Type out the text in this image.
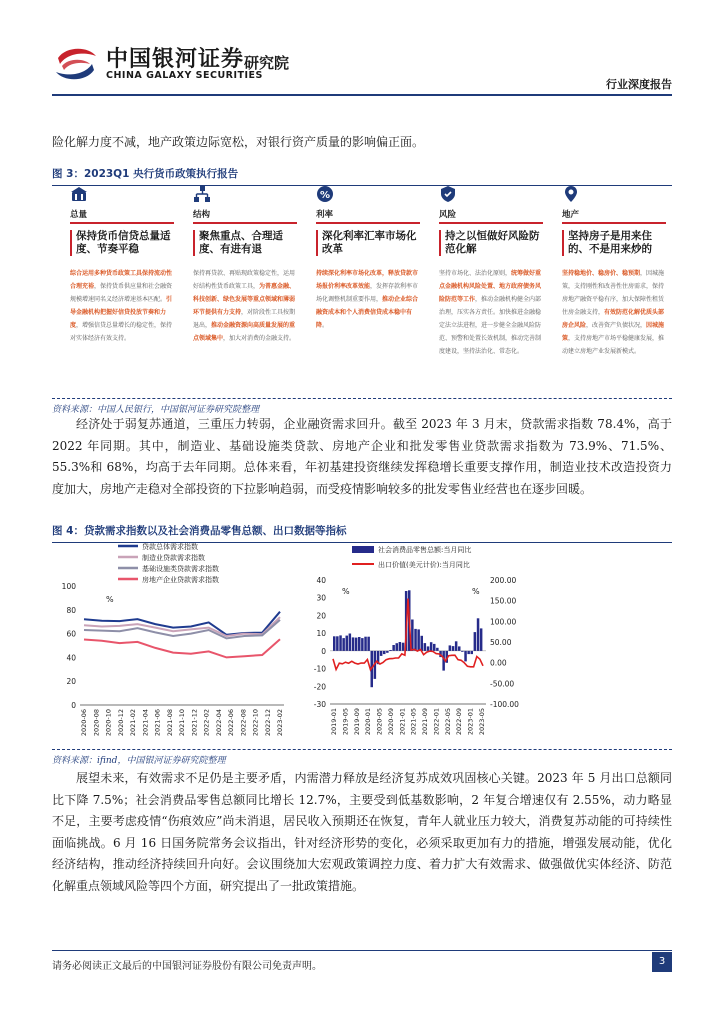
中国银河证券
CHINA GALAXY SECURITIES
研究院
行业深度报告
险化解力度不减，地产政策边际宽松，对银行资产质量的影响偏正面。
图 3：2023Q1 央行货币政策执行报告
总量
保持货币信贷总量适度、节奏平稳
综合运用多种货币政策工具保持流动性合理充裕，保持货币供应量和社会融资规模增速同名义经济增速基本匹配。引导金融机构把握好信贷投放节奏和力度，增强信贷总量增长的稳定性，保持对实体经济有效支持。
结构
聚焦重点、合理适度、有进有退
保持再贷款、再贴现政策稳定性，运用好结构性货币政策工具，为普惠金融、科技创新、绿色发展等重点领域和薄弱环节提供有力支持，对阶段性工具按期退出，推动金融资源向高质量发展的重点领域集中，加大对消费的金融支持。
%
利率
深化利率汇率市场化改革
持续深化利率市场化改革，释放贷款市场报价利率改革效能，发挥存款利率市场化调整机制重要作用，推动企业综合融资成本和个人消费信贷成本稳中有降。
风险
持之以恒做好风险防范化解
坚持市场化、法治化原则，统筹做好重点金融机构风险处置、地方政府债务风险防范等工作，推动金融机构健全内部治理，压实各方责任。加快推进金融稳定法立法进程，进一步健全金融风险防范、预警和处置长效机制，推动完善制度建设，坚持法治化、常态化。
地产
坚持房子是用来住的、不是用来炒的
坚持稳地价、稳房价、稳预期，因城施策，支持刚性和改善性住房需求，保持房地产融资平稳有序，加大保障性租赁住房金融支持，有效防范化解优质头部房企风险，改善资产负债状况，因城施策，支持房地产市场平稳健康发展，推动建立房地产业发展新模式。
资料来源：中国人民银行，中国银河证券研究院整理
经济处于弱复苏通道，三重压力转弱，企业融资需求回升。截至 2023 年 3 月末，贷款需求指数 78.4%，高于 2022 年同期。其中，制造业、基础设施类贷款、房地产企业和批发零售业贷款需求指数为 73.9%、71.5%、55.3%和 68%，均高于去年同期。总体来看，年初基建投资继续发挥稳增长重要支撑作用，制造业技术改造投资力度加大，房地产走稳对全部投资的下拉影响趋弱，而受疫情影响较多的批发零售业经营也在逐步回暖。
图 4：贷款需求指数以及社会消费品零售总额、出口数据等指标
贷款总体需求指数
制造业贷款需求指数
基础设施类贷款需求指数
房地产企业贷款需求指数
%
0
20
40
60
80
100
2020-06 2020-08 2020-10 2020-12 2021-02 2021-04 2021-06 2021-08 2021-10 2021-12 2022-02 2022-04 2022-06 2022-08 2022-10 2022-12 2023-02
社会消费品零售总额:当月同比
出口价值(美元计价):当月同比
%	%
-30
-20
-10
0
10
20
30
40
-100.00
-50.00
0.00
50.00
100.00
150.00
200.00
2019-01 2019-05 2019-09 2020-01 2020-05 2020-09 2021-01 2021-05 2021-09 2022-01 2022-05 2022-09 2023-01 2023-05
资料来源：ifind，中国银河证券研究院整理
展望未来，有效需求不足仍是主要矛盾，内需潜力释放是经济复苏成效巩固核心关键。2023 年 5 月出口总额同比下降 7.5%；社会消费品零售总额同比增长 12.7%，主要受到低基数影响，2 年复合增速仅有 2.55%，动力略显不足，主要考虑疫情“伤痕效应”尚未消退，居民收入预期还在恢复，青年人就业压力较大，消费复苏动能的可持续性面临挑战。6 月 16 日国务院常务会议指出，针对经济形势的变化，必须采取更加有力的措施，增强发展动能，优化经济结构，推动经济持续回升向好。会议围绕加大宏观政策调控力度、着力扩大有效需求、做强做优实体经济、防范化解重点领域风险等四个方面，研究提出了一批政策措施。
请务必阅读正文最后的中国银河证券股份有限公司免责声明。	3
